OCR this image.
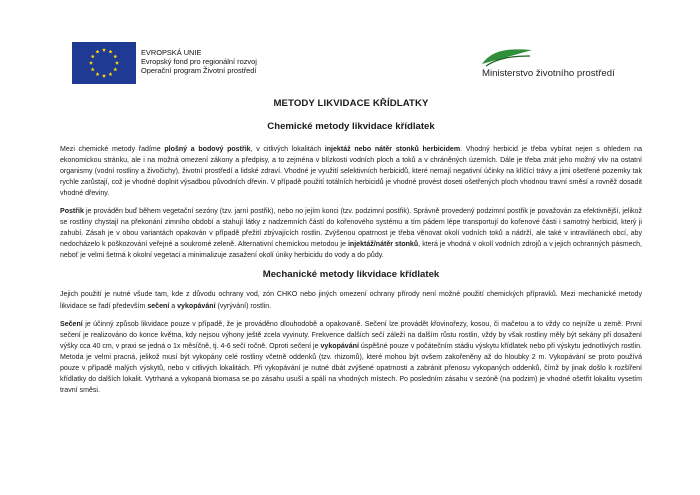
EVROPSKÁ UNIE
Evropský fond pro regionální rozvoj
Operační program Životní prostředí	Ministerstvo životního prostředí
METODY LIKVIDACE KŘÍDLATKY
Chemické metody likvidace křídlatek

Mezi chemické metody řadíme plošný a bodový postřik, v citlivých lokalitách injektáž nebo nátěr stonků herbicidem. Vhodný herbicid je třeba vybírat nejen s ohledem na ekonomickou stránku, ale i na možná omezení zákony a předpisy, a to zejména v blízkosti vodních ploch a toků a v chráněných územích. Dále je třeba znát jeho možný vliv na ostatní organismy (vodní rostliny a živočichy), životní prostředí a lidské zdraví. Vhodné je využití selektivních herbicidů, které nemají negativní účinky na klíčící trávy a jimi ošetřené pozemky tak rychle zarůstají, což je vhodné doplnit výsadbou původních dřevin. V případě použití totálních herbicidů je vhodné provést doseti ošetřených ploch vhodnou travní směsí a rovněž dosadit vhodné dřeviny.

Postřik je prováděn buď během vegetační sezóny (tzv. jarní postřik), nebo no jejím konci (tzv. podzimní postřik). Správně provedený podzimní postřik je považován za efektivnější, jelikož se rostliny chystají na překonání zimního období a stahují látky z nadzemních částí do kořenového systému a tím pádem lépe transportují do kořenové části i samotný herbicid, který ji zahubí. Zásah je v obou variantách opakován v případě přežití zbývajících rostlin. Zvýšenou opatrnost je třeba věnovat okolí vodních toků a nádrží, ale také v intravilánech obcí, aby nedocházelo k poškozování veřejné a soukromé zeleně. Alternativní chemickou metodou je injektáž/nátěr stonků, která je vhodná v okolí vodních zdrojů a v jejich ochranných pásmech, neboť je velmi šetrná k okolní vegetaci a minimalizuje zasažení okolí úniky herbicidu do vody a do půdy.

Mechanické metody likvidace křídlatek

Jejich použití je nutné všude tam, kde z důvodu ochrany vod, zón CHKO nebo jiných omezení ochrany přírody není možné použití chemických přípravků. Mezi mechanické metody likvidace se řadí především sečení a vykopávání (vyrývání) rostlin.

Sečení je účinný způsob likvidace pouze v případě, že je prováděno dlouhodobě a opakovaně. Sečení lze provádět křovinořezy, kosou, či mačetou a to vždy co nejníže u země. První sečení je realizováno do konce května, kdy nejsou výhony ještě zcela vyvinuty. Frekvence dalších sečí záleží na dalším růstu rostlin, vždy by však rostliny měly být sekány při dosažení výšky cca 40 cm, v praxi se jedná o 1x měsíčně, tj. 4-6 sečí ročně. Oproti sečení je vykopávání úspěšné pouze v počátečním stádiu výskytu křídlatek nebo při výskytu jednotlivých rostlin. Metoda je velmi pracná, jelikož musí být vykopány celé rostliny včetně oddenků (tzv. rhizomů), které mohou být ovšem zakořeněny až do hloubky 2 m. Vykopávání se proto používá pouze v případě malých výskytů, nebo v citlivých lokalitách. Při vykopávání je nutné dbát zvýšené opatrnosti a zabránit přenosu vykopaných oddenků, čímž by jinak došlo k rozšíření křídlatky do dalších lokalit. Vytrhaná a vykopaná biomasa se po zásahu usuší a spálí na vhodných místech. Po posledním zásahu v sezóně (na podzim) je vhodné ošetřit lokalitu vysetím travní směsi.
